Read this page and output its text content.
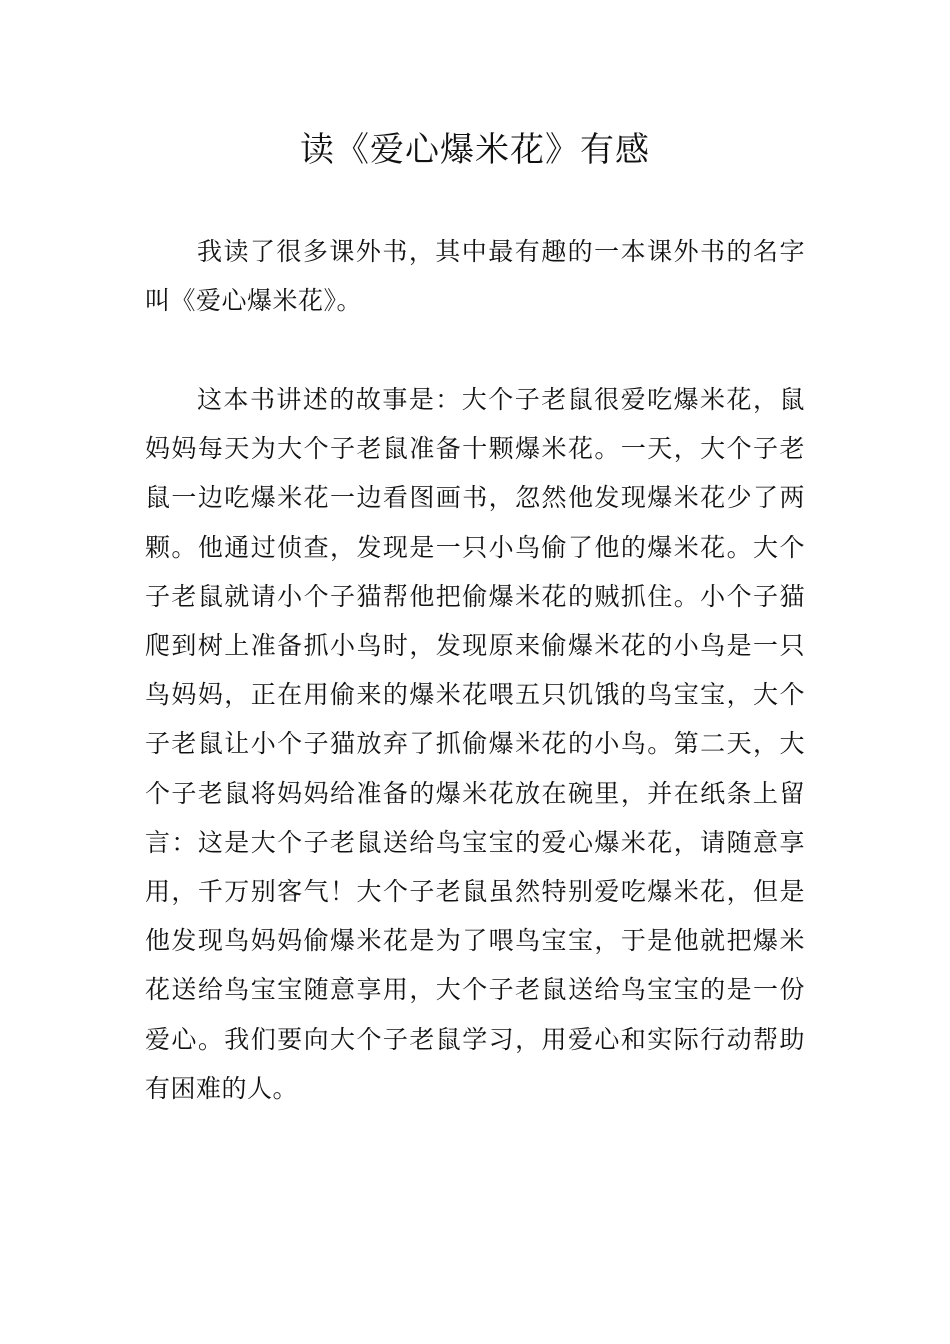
读《爱心爆米花》有感

我读了很多课外书，其中最有趣的一本课外书的名字叫《爱心爆米花》。

这本书讲述的故事是：大个子老鼠很爱吃爆米花，鼠妈妈每天为大个子老鼠准备十颗爆米花。一天，大个子老鼠一边吃爆米花一边看图画书，忽然他发现爆米花少了两颗。他通过侦查，发现是一只小鸟偷了他的爆米花。大个子老鼠就请小个子猫帮他把偷爆米花的贼抓住。小个子猫爬到树上准备抓小鸟时，发现原来偷爆米花的小鸟是一只鸟妈妈，正在用偷来的爆米花喂五只饥饿的鸟宝宝，大个子老鼠让小个子猫放弃了抓偷爆米花的小鸟。第二天，大个子老鼠将妈妈给准备的爆米花放在碗里，并在纸条上留言：这是大个子老鼠送给鸟宝宝的爱心爆米花，请随意享用，千万别客气！大个子老鼠虽然特别爱吃爆米花，但是他发现鸟妈妈偷爆米花是为了喂鸟宝宝，于是他就把爆米花送给鸟宝宝随意享用，大个子老鼠送给鸟宝宝的是一份爱心。我们要向大个子老鼠学习，用爱心和实际行动帮助有困难的人。
